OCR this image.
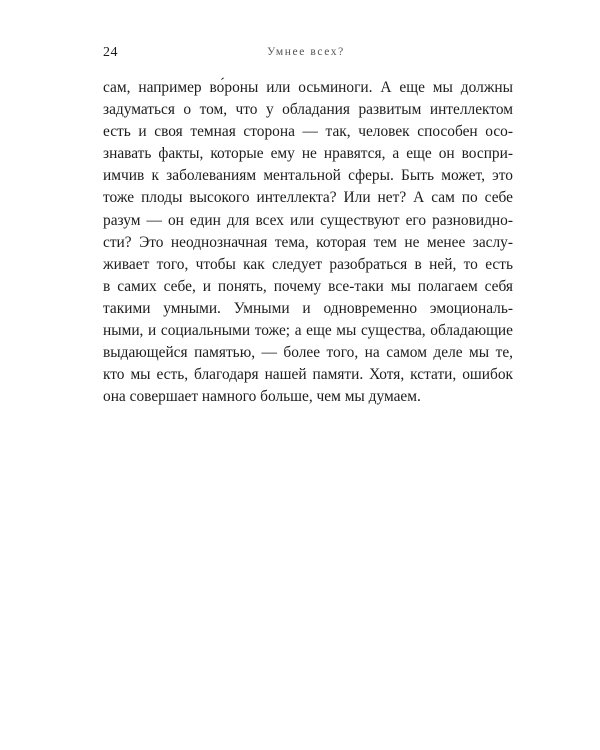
24	Умнее всех?
сам, например во́роны или осьминоги. А еще мы должны
задуматься о том, что у обладания развитым интеллектом
есть и своя темная сторона — так, человек способен осо-
знавать факты, которые ему не нравятся, а еще он воспри-
имчив к заболеваниям ментальной сферы. Быть может, это
тоже плоды высокого интеллекта? Или нет? А сам по себе
разум — он един для всех или существуют его разновидно-
сти? Это неоднозначная тема, которая тем не менее заслу-
живает того, чтобы как следует разобраться в ней, то есть
в самих себе, и понять, почему все-таки мы полагаем себя
такими умными. Умными и одновременно эмоциональ-
ными, и социальными тоже; а еще мы существа, обладающие
выдающейся памятью, — более того, на самом деле мы те,
кто мы есть, благодаря нашей памяти. Хотя, кстати, ошибок
она совершает намного больше, чем мы думаем.
